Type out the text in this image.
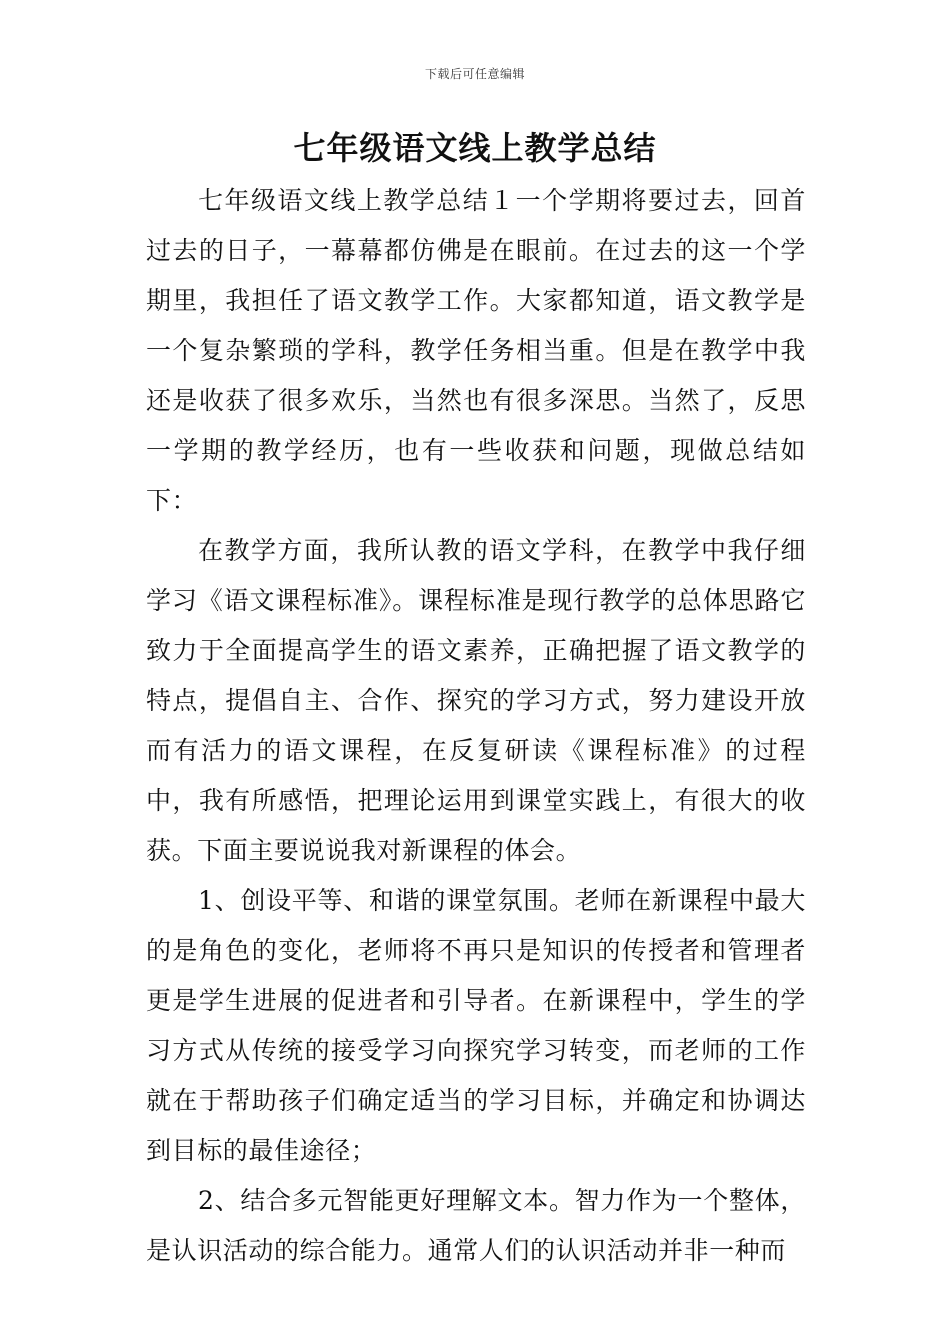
下载后可任意编辑
七年级语文线上教学总结

七年级语文线上教学总结１一个学期将要过去，回首过去的日子，一幕幕都仿佛是在眼前。在过去的这一个学期里，我担任了语文教学工作。大家都知道，语文教学是一个复杂繁琐的学科，教学任务相当重。但是在教学中我还是收获了很多欢乐，当然也有很多深思。当然了，反思一学期的教学经历，也有一些收获和问题，现做总结如下：

在教学方面，我所认教的语文学科，在教学中我仔细学习《语文课程标准》。课程标准是现行教学的总体思路它致力于全面提高学生的语文素养，正确把握了语文教学的特点，提倡自主、合作、探究的学习方式，努力建设开放而有活力的语文课程，在反复研读《课程标准》的过程中，我有所感悟，把理论运用到课堂实践上，有很大的收获。下面主要说说我对新课程的体会。

1、创设平等、和谐的课堂氛围。老师在新课程中最大的是角色的变化，老师将不再只是知识的传授者和管理者更是学生进展的促进者和引导者。在新课程中，学生的学习方式从传统的接受学习向探究学习转变，而老师的工作就在于帮助孩子们确定适当的学习目标，并确定和协调达到目标的最佳途径；

2、结合多元智能更好理解文本。智力作为一个整体，是认识活动的综合能力。通常人们的认识活动并非一种而
